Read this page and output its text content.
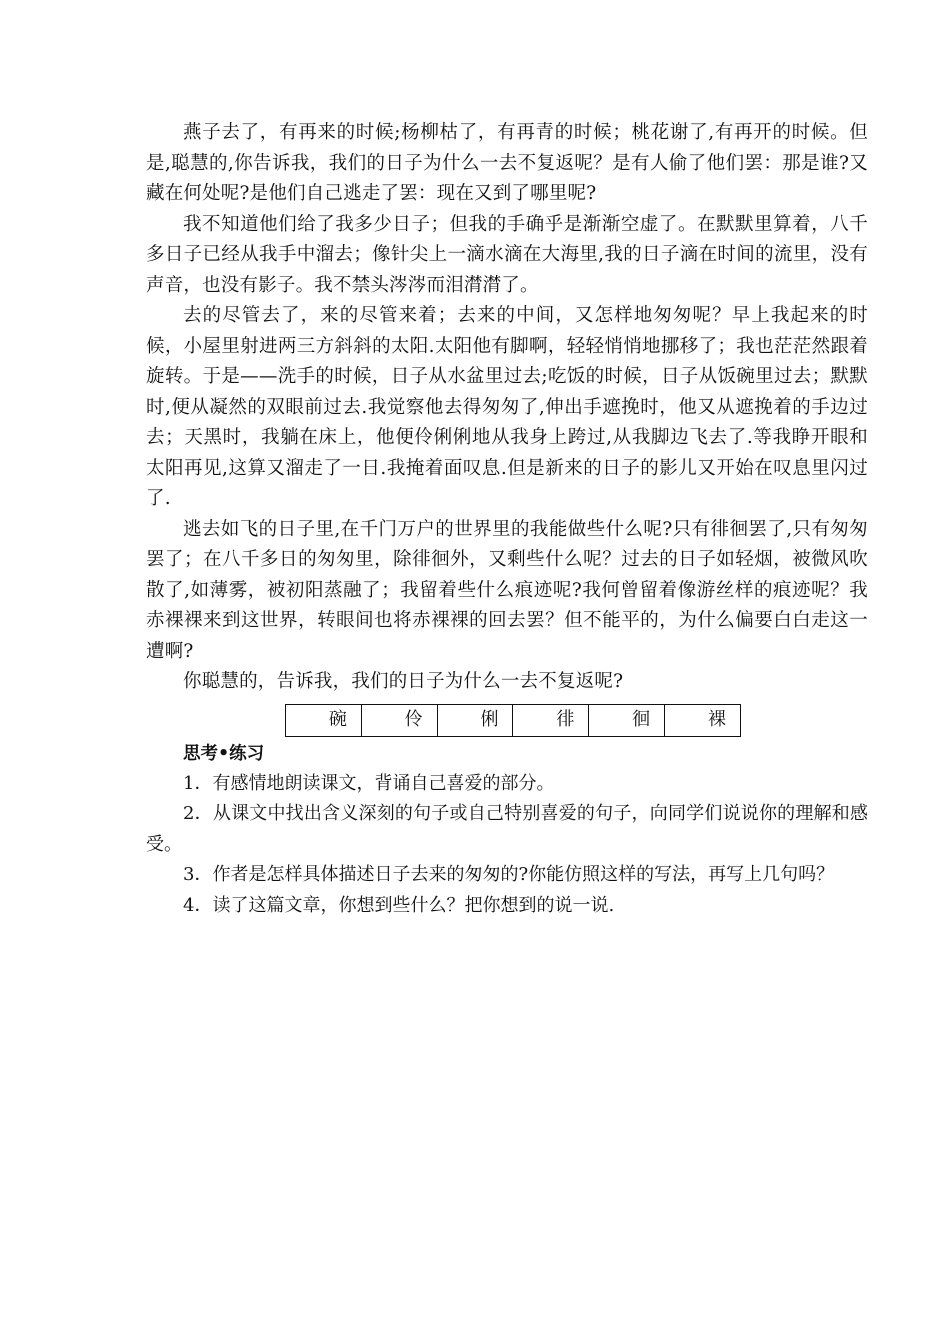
燕子去了，有再来的时候;杨柳枯了，有再青的时候；桃花谢了,有再开的时候。但是,聪慧的,你告诉我，我们的日子为什么一去不复返呢？是有人偷了他们罢：那是谁?又藏在何处呢?是他们自己逃走了罢：现在又到了哪里呢?

我不知道他们给了我多少日子；但我的手确乎是渐渐空虚了。在默默里算着，八千多日子已经从我手中溜去；像针尖上一滴水滴在大海里,我的日子滴在时间的流里，没有声音，也没有影子。我不禁头涔涔而泪潸潸了。

去的尽管去了，来的尽管来着；去来的中间，又怎样地匆匆呢？早上我起来的时候，小屋里射进两三方斜斜的太阳.太阳他有脚啊，轻轻悄悄地挪移了；我也茫茫然跟着旋转。于是——洗手的时候，日子从水盆里过去;吃饭的时候，日子从饭碗里过去；默默时,便从凝然的双眼前过去.我觉察他去得匆匆了,伸出手遮挽时，他又从遮挽着的手边过去；天黑时，我躺在床上，他便伶俐俐地从我身上跨过,从我脚边飞去了.等我睁开眼和太阳再见,这算又溜走了一日.我掩着面叹息.但是新来的日子的影儿又开始在叹息里闪过了.

逃去如飞的日子里,在千门万户的世界里的我能做些什么呢?只有徘徊罢了,只有匆匆罢了；在八千多日的匆匆里，除徘徊外，又剩些什么呢？过去的日子如轻烟，被微风吹散了,如薄雾，被初阳蒸融了；我留着些什么痕迹呢?我何曾留着像游丝样的痕迹呢？我赤裸裸来到这世界，转眼间也将赤裸裸的回去罢？但不能平的，为什么偏要白白走这一遭啊?

你聪慧的，告诉我，我们的日子为什么一去不复返呢?

碗	伶	俐	徘	徊	裸
思考•练习
1．有感情地朗读课文，背诵自己喜爱的部分。
2．从课文中找出含义深刻的句子或自己特别喜爱的句子，向同学们说说你的理解和感受。
3．作者是怎样具体描述日子去来的匆匆的?你能仿照这样的写法，再写上几句吗？
4．读了这篇文章，你想到些什么？把你想到的说一说.
